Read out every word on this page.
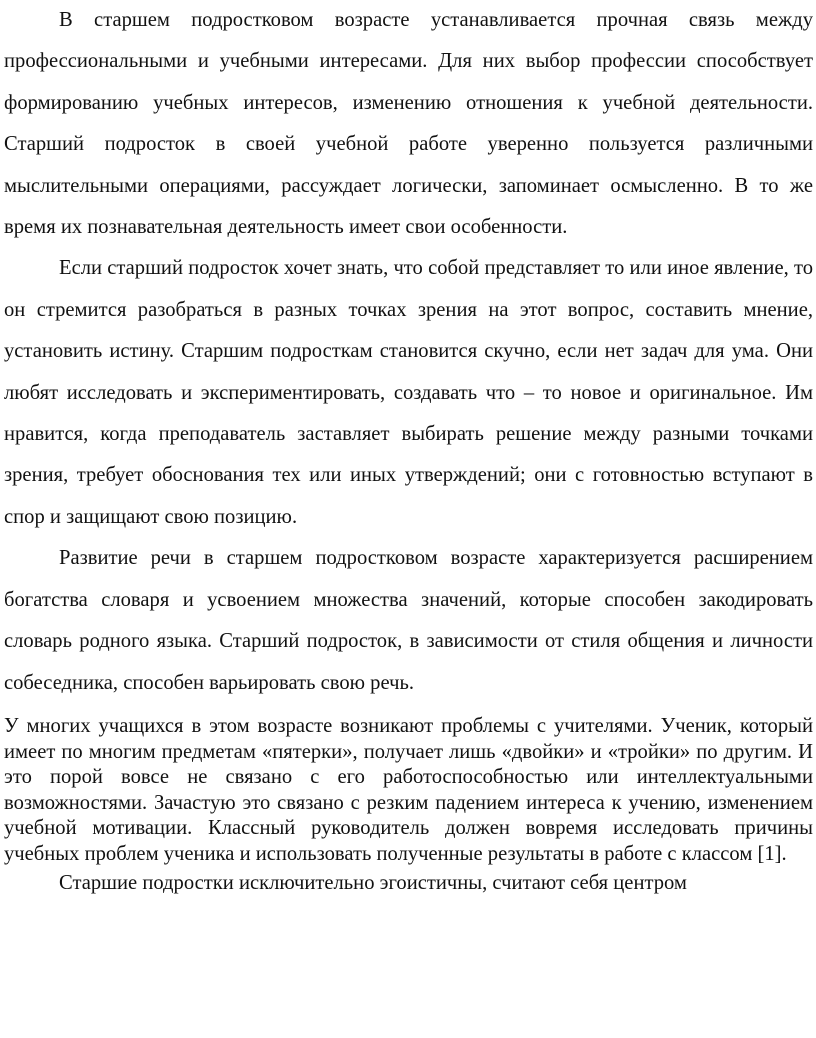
В старшем подростковом возрасте устанавливается прочная связь между профессиональными и учебными интересами. Для них выбор профессии способствует формированию учебных интересов, изменению отношения к учебной деятельности. Старший подросток в своей учебной работе уверенно пользуется различными мыслительными операциями, рассуждает логически, запоминает осмысленно. В то же время их познавательная деятельность имеет свои особенности.

Если старший подросток хочет знать, что собой представляет то или иное явление, то он стремится разобраться в разных точках зрения на этот вопрос, составить мнение, установить истину. Старшим подросткам становится скучно, если нет задач для ума. Они любят исследовать и экспериментировать, создавать что – то новое и оригинальное. Им нравится, когда преподаватель заставляет выбирать решение между разными точками зрения, требует обоснования тех или иных утверждений; они с готовностью вступают в спор и защищают свою позицию.

Развитие речи в старшем подростковом возрасте характеризуется расширением богатства словаря и усвоением множества значений, которые способен закодировать словарь родного языка. Старший подросток, в зависимости от стиля общения и личности собеседника, способен варьировать свою речь.

У многих учащихся в этом возрасте возникают проблемы с учителями. Ученик, который имеет по многим предметам «пятерки», получает лишь «двойки» и «тройки» по другим. И это порой вовсе не связано с его работоспособностью или интеллектуальными возможностями. Зачастую это связано с резким падением интереса к учению, изменением учебной мотивации. Классный руководитель должен вовремя исследовать причины учебных проблем ученика и использовать полученные результаты в работе с классом [1].

Старшие подростки исключительно эгоистичны, считают себя центром
